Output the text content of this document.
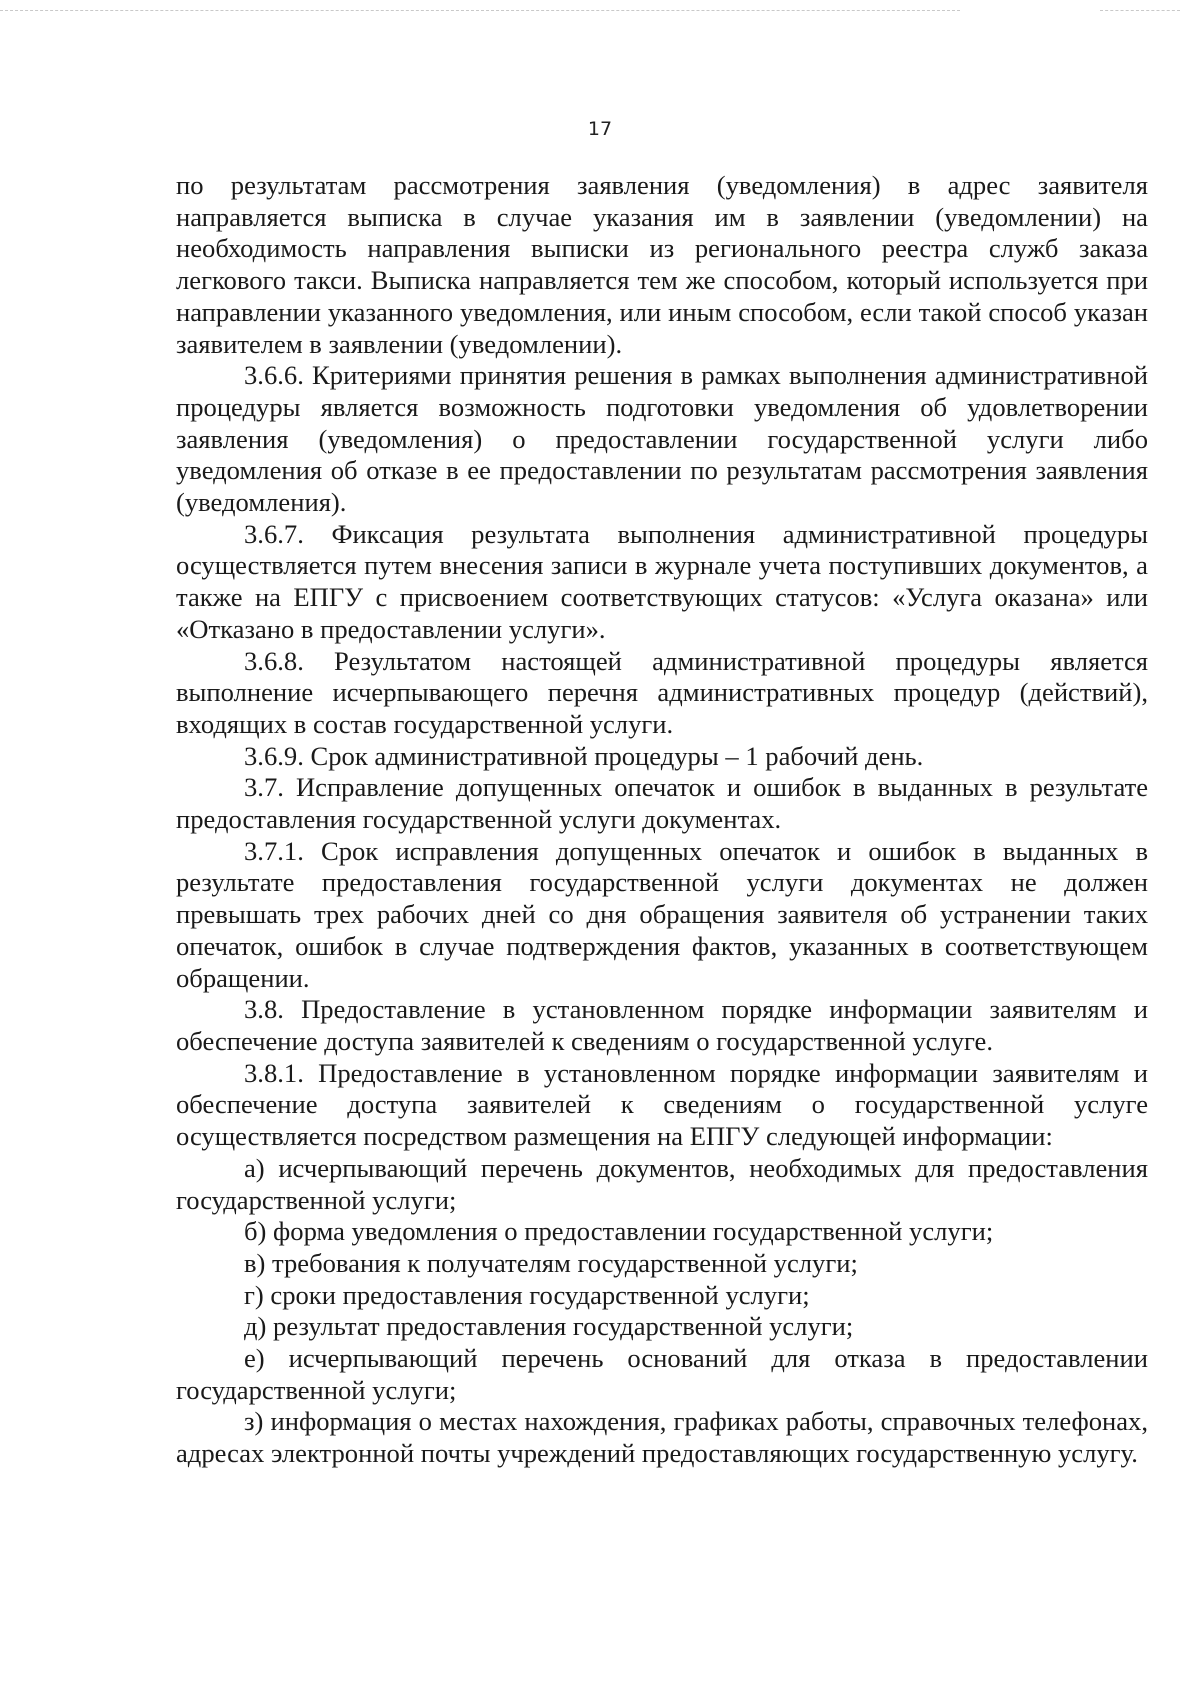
17

по результатам рассмотрения заявления (уведомления) в адрес заявителя направляется выписка в случае указания им в заявлении (уведомлении) на необходимость направления выписки из регионального реестра служб заказа легкового такси. Выписка направляется тем же способом, который используется при направлении указанного уведомления, или иным способом, если такой способ указан заявителем в заявлении (уведомлении).

3.6.6. Критериями принятия решения в рамках выполнения административной процедуры является возможность подготовки уведомления об удовлетворении заявления (уведомления) о предоставлении государственной услуги либо уведомления об отказе в ее предоставлении по результатам рассмотрения заявления (уведомления).

3.6.7. Фиксация результата выполнения административной процедуры осуществляется путем внесения записи в журнале учета поступивших документов, а также на ЕПГУ с присвоением соответствующих статусов: «Услуга оказана» или «Отказано в предоставлении услуги».

3.6.8. Результатом настоящей административной процедуры является выполнение исчерпывающего перечня административных процедур (действий), входящих в состав государственной услуги.

3.6.9. Срок административной процедуры – 1 рабочий день.

3.7. Исправление допущенных опечаток и ошибок в выданных в результате предоставления государственной услуги документах.

3.7.1. Срок исправления допущенных опечаток и ошибок в выданных в результате предоставления государственной услуги документах не должен превышать трех рабочих дней со дня обращения заявителя об устранении таких опечаток, ошибок в случае подтверждения фактов, указанных в соответствующем обращении.

3.8. Предоставление в установленном порядке информации заявителям и обеспечение доступа заявителей к сведениям о государственной услуге.

3.8.1. Предоставление в установленном порядке информации заявителям и обеспечение доступа заявителей к сведениям о государственной услуге осуществляется посредством размещения на ЕПГУ следующей информации:

а) исчерпывающий перечень документов, необходимых для предоставления государственной услуги;

б) форма уведомления о предоставлении государственной услуги;

в) требования к получателям государственной услуги;

г) сроки предоставления государственной услуги;

д) результат предоставления государственной услуги;

е) исчерпывающий перечень оснований для отказа в предоставлении государственной услуги;

з) информация о местах нахождения, графиках работы, справочных телефонах, адресах электронной почты учреждений предоставляющих государственную услугу.
